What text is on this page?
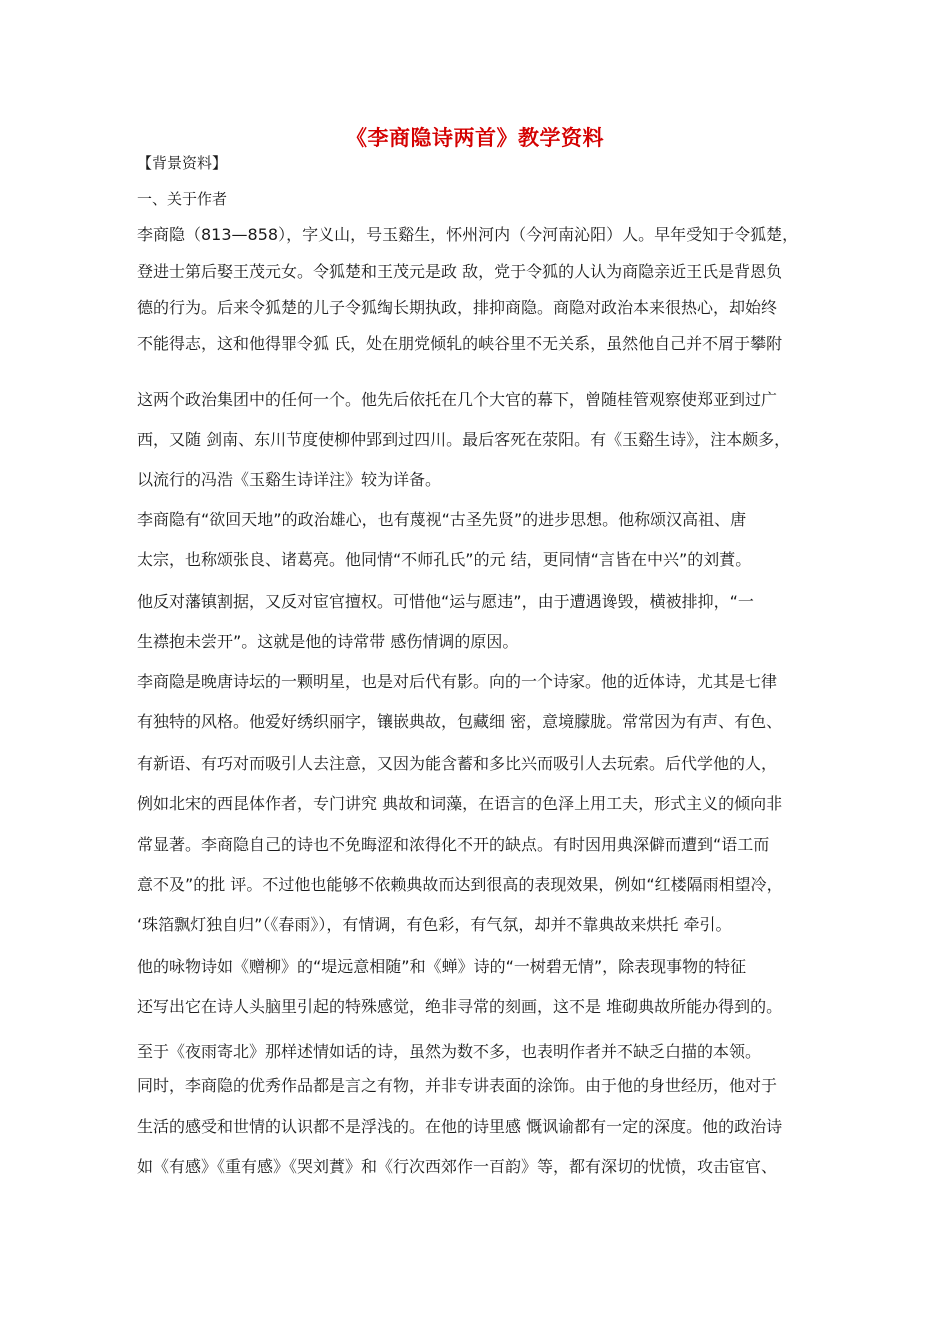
《李商隐诗两首》教学资料
【背景资料】
一、关于作者
李商隐（813—858），字义山，号玉谿生，怀州河内（今河南沁阳）人。早年受知于令狐楚，
登进士第后娶王茂元女。令狐楚和王茂元是政 敌，党于令狐的人认为商隐亲近王氏是背恩负
德的行为。后来令狐楚的儿子令狐绹长期执政，排抑商隐。商隐对政治本来很热心，却始终
不能得志，这和他得罪令狐 氏，处在朋党倾轧的峡谷里不无关系，虽然他自己并不屑于攀附
这两个政治集团中的任何一个。他先后依托在几个大官的幕下，曾随桂管观察使郑亚到过广
西，又随 剑南、东川节度使柳仲郢到过四川。最后客死在荥阳。有《玉谿生诗》，注本颇多，
以流行的冯浩《玉谿生诗详注》较为详备。
李商隐有“欲回天地”的政治雄心，也有蔑视“古圣先贤”的进步思想。他称颂汉高祖、唐
太宗，也称颂张良、诸葛亮。他同情“不师孔氏”的元 结，更同情“言皆在中兴”的刘蕡。
他反对藩镇割据，又反对宦官擅权。可惜他“运与愿违”，由于遭遇谗毁，横被排抑，“一
生襟抱未尝开”。这就是他的诗常带 感伤情调的原因。
李商隐是晚唐诗坛的一颗明星，也是对后代有影。向的一个诗家。他的近体诗，尤其是七律
有独特的风格。他爱好绣织丽字，镶嵌典故，包藏细 密，意境朦胧。常常因为有声、有色、
有新语、有巧对而吸引人去注意，又因为能含蓄和多比兴而吸引人去玩索。后代学他的人，
例如北宋的西昆体作者，专门讲究 典故和词藻，在语言的色泽上用工夫，形式主义的倾向非
常显著。李商隐自己的诗也不免晦涩和浓得化不开的缺点。有时因用典深僻而遭到“语工而
意不及”的批 评。不过他也能够不依赖典故而达到很高的表现效果，例如“红楼隔雨相望冷，
‘珠箔飘灯独自归”（《春雨》），有情调，有色彩，有气氛，却并不靠典故来烘托 牵引。
他的咏物诗如《赠柳》的“堤远意相随”和《蝉》诗的“一树碧无情”，除表现事物的特征
还写出它在诗人头脑里引起的特殊感觉，绝非寻常的刻画，这不是 堆砌典故所能办得到的。
至于《夜雨寄北》那样述情如话的诗，虽然为数不多，也表明作者并不缺乏白描的本领。
同时，李商隐的优秀作品都是言之有物，并非专讲表面的涂饰。由于他的身世经历，他对于
生活的感受和世情的认识都不是浮浅的。在他的诗里感 慨讽谕都有一定的深度。他的政治诗
如《有感》《重有感》《哭刘蕡》和《行次西郊作一百韵》等，都有深切的忧愤，攻击宦官、
